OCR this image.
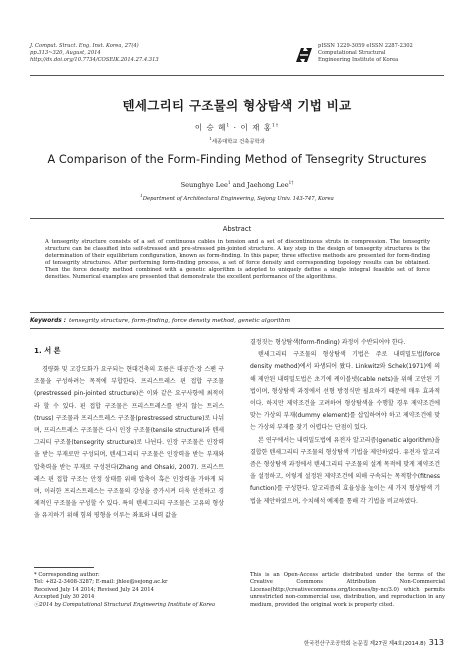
J. Comput. Struct. Eng. Inst. Korea, 27(4)
pp.313~320, August, 2014
http://dx.doi.org/10.7734/COSEIK.2014.27.4.313
pISSN 1229-3059 eISSN 2287-2302
Computational Structural
Engineering Institute of Korea
텐세그리티 구조물의 형상탐색 기법 비교
이 승 혜$^1$ · 이 재 홍$^{1\dagger}$
$^1$세종대학교 건축공학과
A Comparison of the Form-Finding Method of Tensegrity Structures
Seunghye Lee$^1$ and Jaehong Lee$^{1\dagger}$
$^1$Department of Architectural Engineering, Sejong Univ. 143-747, Korea
Abstract
A tensegrity structure consists of a set of continuous cables in tension and a set of discontinuous struts in compression. The tensegrity structure can be classified into self-stressed and pre-stressed pin-jointed structure. A key step in the design of tensegrity structures is the determination of their equilibrium configuration, known as form-finding. In this paper, three effective methods are presented for form-finding of tensegrity structures. After performing form-finding process, a set of force density and corresponding topology results can be obtained. Then the force density method combined with a genetic algorithm is adopted to uniquely define a single integral feasible set of force densities. Numerical examples are presented that demonstrate the excellent performance of the algorithms.
Keywords : tensegrity structure, form-finding, force density method, genetic algorithm
1. 서 론

경량화 및 고강도화가 요구되는 현대건축의 흐름은 대공간·장 스팬 구조물을 구성하려는 목적에 부합한다. 프리스트레스 핀 접합 구조물(prestressed pin-jointed structure)은 이와 같은 요구사항에 최적이라 할 수 있다. 핀 접합 구조물은 프리스트레스를 받지 않는 트러스(truss) 구조물과 프리스트레스 구조물(prestressed structure)로 나뉘며, 프리스트레스 구조물은 다시 인장 구조물(tensile structure)과 텐세그리티 구조물(tensegrity structure)로 나뉜다. 인장 구조물은 인장력을 받는 부재로만 구성되며, 텐세그리티 구조물은 인장력을 받는 부재와 압축력을 받는 부재로 구성된다(Zhang and Ohsaki, 2007). 프리스트레스 핀 접합 구조는 안정 상태를 위해 압축이 혹은 인장력을 가하게 되며, 이러한 프리스트레스는 구조물의 강성을 증가시켜 더욱 안전하고 경제적인 구조물을 구성할 수 있다. 특히 텐세그리티 구조물은 고유의 형상을 유지하기 위해 힘의 평형을 이루는 좌표와 내력 값을

결정짓는 형상탐색(form-finding) 과정이 수반되어야 한다.

텐세그리티 구조물의 형상탐색 기법은 주로 내력밀도법(force density method)에서 파생되어 왔다. Linkwitz와 Schek(1971)에 의해 제안된 내력밀도법은 초기에 케이블넷(cable nets)을 위해 고안된 기법이며, 형상탐색 과정에서 선형 방정식만 필요하기 때문에 매우 효과적이다. 하지만 제약조건을 고려하여 형상탐색을 수행할 경우 제약조건에 맞는 가상의 부재(dummy element)를 삽입하여야 하고 제약조건에 맞는 가상의 부재를 찾기 어렵다는 단점이 있다.

본 연구에서는 내력밀도법에 유전자 알고리즘(genetic algorithm)을 결합한 텐세그리티 구조물의 형상탐색 기법을 제안하였다. 유전자 알고리즘은 형상탐색 과정에서 텐세그리티 구조물의 설계 목적에 맞게 제약조건을 설정하고, 이렇게 설정된 제약조건에 의해 구속되는 목적함수(fitness function)를 구성한다. 알고리즘의 효율성을 높이는 세 가지 형상탐색 기법을 제안하였으며, 수치해석 예제를 통해 각 기법을 비교하였다.

* Corresponding author:
Tel: +82-2-3408-3287; E-mail: jhlee@sejong.ac.kr
Received July 14 2014; Revised July 24 2014
Accepted July 30 2014
ⓒ2014 by Computational Structural Engineering Institute of Korea
This is an Open-Access article distributed under the terms of the Creative Commons Attribution Non-Commercial License(http://creativecommons.org/licenses/by-nc/3.0) which permits unrestricted non-commercial use, distribution, and reproduction in any medium, provided the original work is properly cited.
한국전산구조공학회 논문집 제27권 제4호(2014.8) 313
